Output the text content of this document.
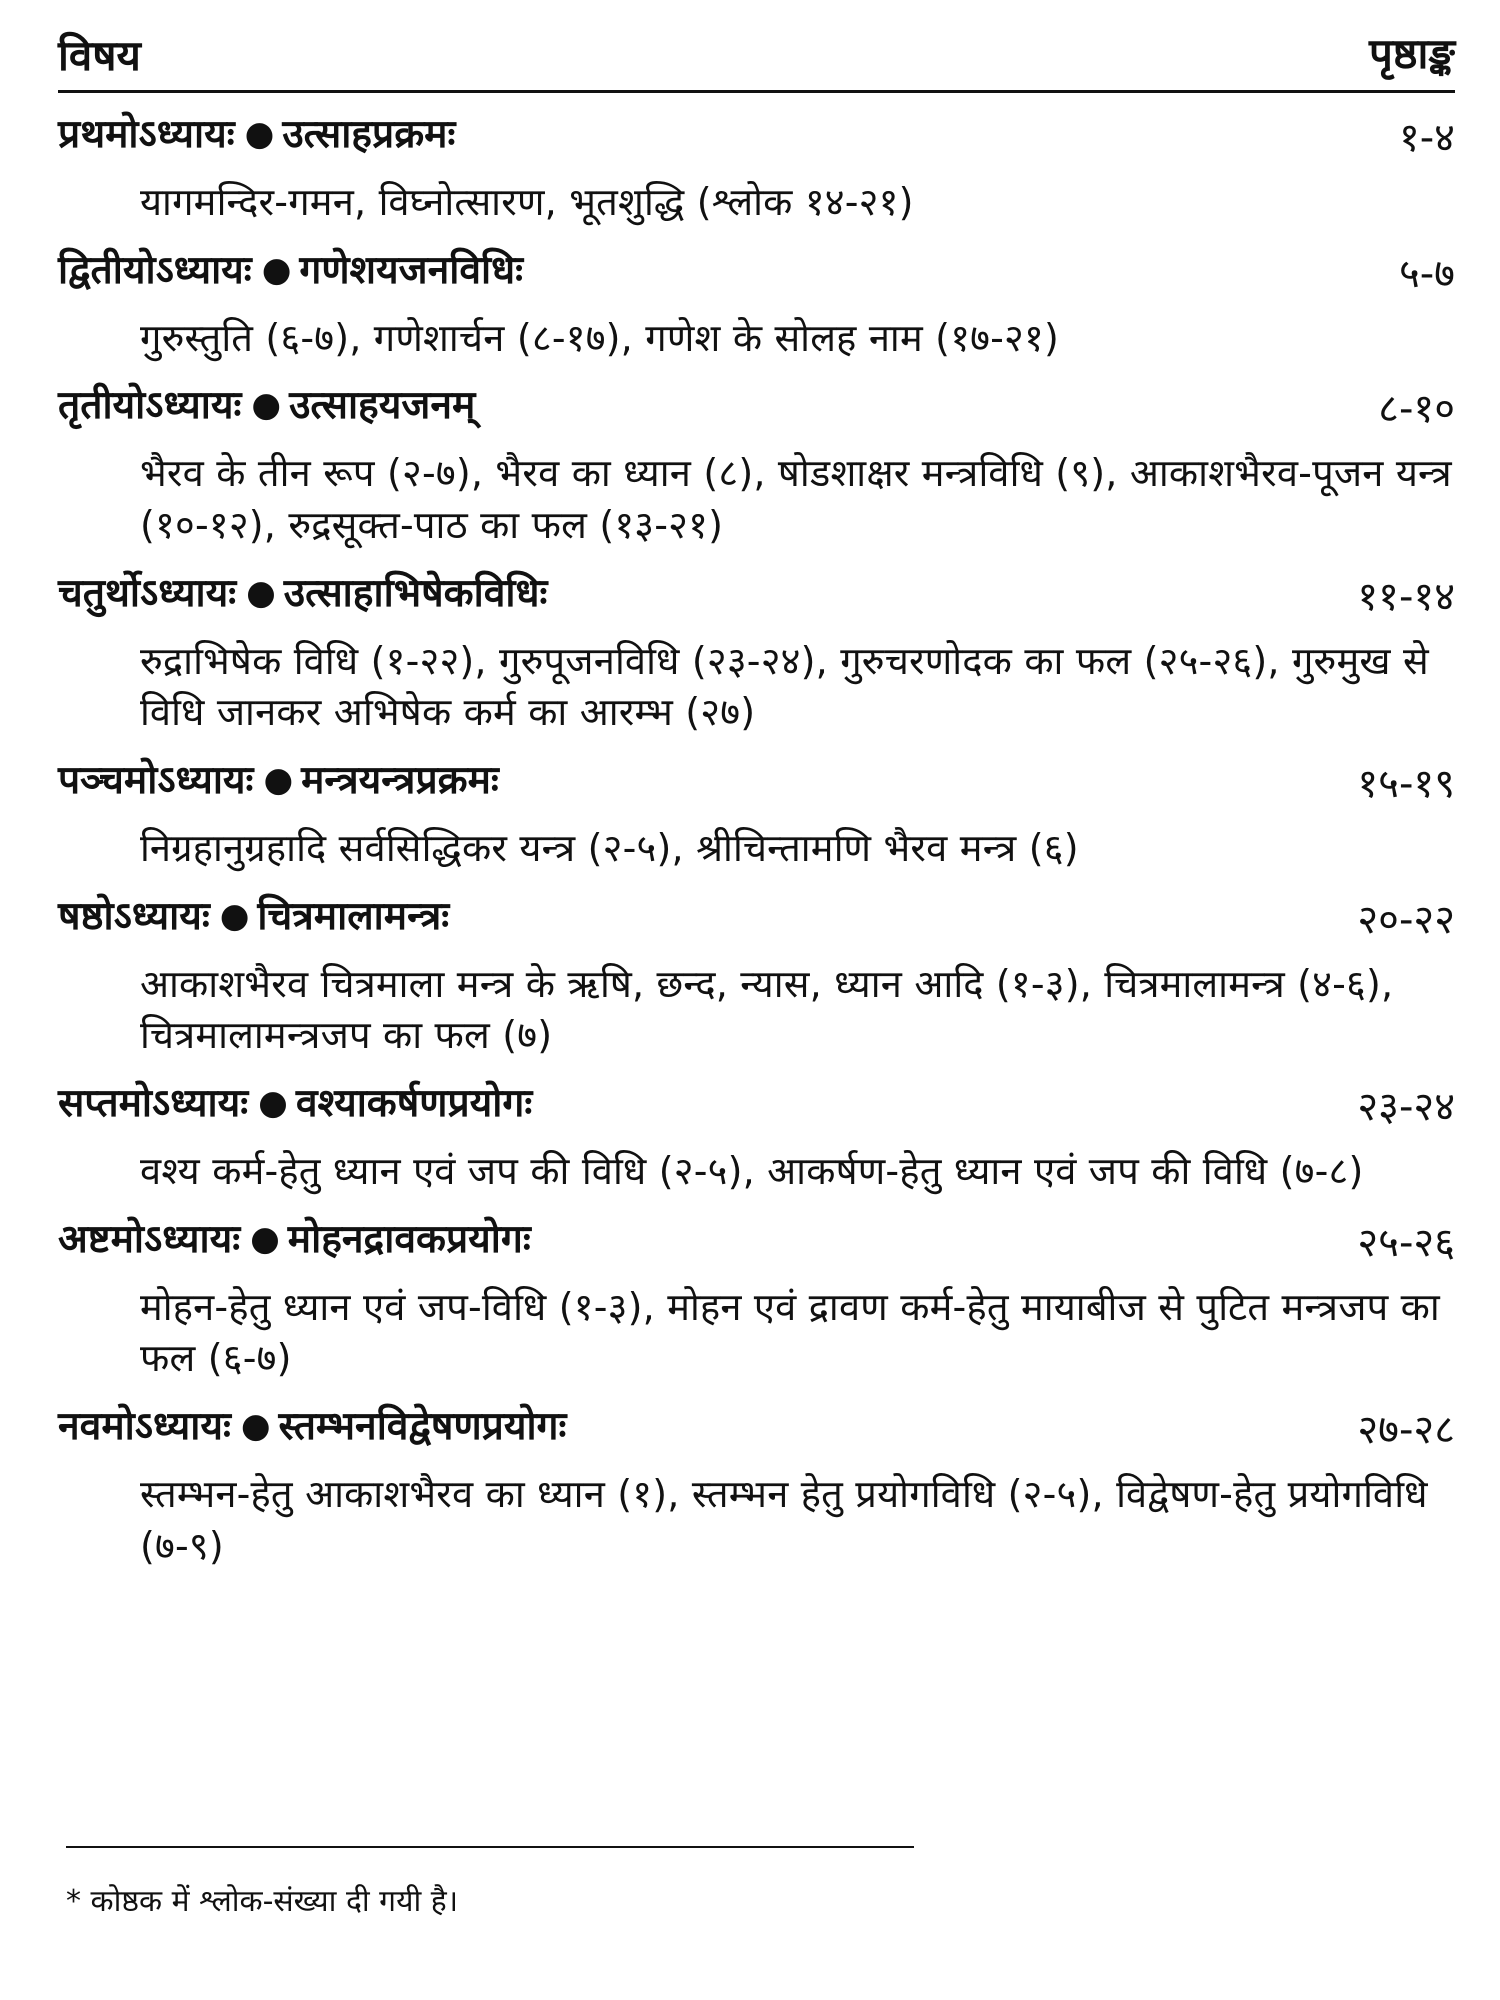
विषय	पृष्ठाङ्क
प्रथमोऽध्यायः ● उत्साहप्रक्रमः	१-४
यागमन्दिर-गमन, विघ्नोत्सारण, भूतशुद्धि (श्लोक १४-२१)
द्वितीयोऽध्यायः ● गणेशयजनविधिः	५-७
गुरुस्तुति (६-७), गणेशार्चन (८-१७), गणेश के सोलह नाम (१७-२१)
तृतीयोऽध्यायः ● उत्साहयजनम्	८-१०
भैरव के तीन रूप (२-७), भैरव का ध्यान (८), षोडशाक्षर मन्त्रविधि (९), आकाशभैरव-पूजन यन्त्र (१०-१२), रुद्रसूक्त-पाठ का फल (१३-२१)
चतुर्थोऽध्यायः ● उत्साहाभिषेकविधिः	११-१४
रुद्राभिषेक विधि (१-२२), गुरुपूजनविधि (२३-२४), गुरुचरणोदक का फल (२५-२६), गुरुमुख से विधि जानकर अभिषेक कर्म का आरम्भ (२७)
पञ्चमोऽध्यायः ● मन्त्रयन्त्रप्रक्रमः	१५-१९
निग्रहानुग्रहादि सर्वसिद्धिकर यन्त्र (२-५), श्रीचिन्तामणि भैरव मन्त्र (६)
षष्ठोऽध्यायः ● चित्रमालामन्त्रः	२०-२२
आकाशभैरव चित्रमाला मन्त्र के ऋषि, छन्द, न्यास, ध्यान आदि (१-३), चित्रमालामन्त्र (४-६), चित्रमालामन्त्रजप का फल (७)
सप्तमोऽध्यायः ● वश्याकर्षणप्रयोगः	२३-२४
वश्य कर्म-हेतु ध्यान एवं जप की विधि (२-५), आकर्षण-हेतु ध्यान एवं जप की विधि (७-८)
अष्टमोऽध्यायः ● मोहनद्रावकप्रयोगः	२५-२६
मोहन-हेतु ध्यान एवं जप-विधि (१-३), मोहन एवं द्रावण कर्म-हेतु मायाबीज से पुटित मन्त्रजप का फल (६-७)
नवमोऽध्यायः ● स्तम्भनविद्वेषणप्रयोगः	२७-२८
स्तम्भन-हेतु आकाशभैरव का ध्यान (१), स्तम्भन हेतु प्रयोगविधि (२-५), विद्वेषण-हेतु प्रयोगविधि (७-९)
* कोष्ठक में श्लोक-संख्या दी गयी है।
